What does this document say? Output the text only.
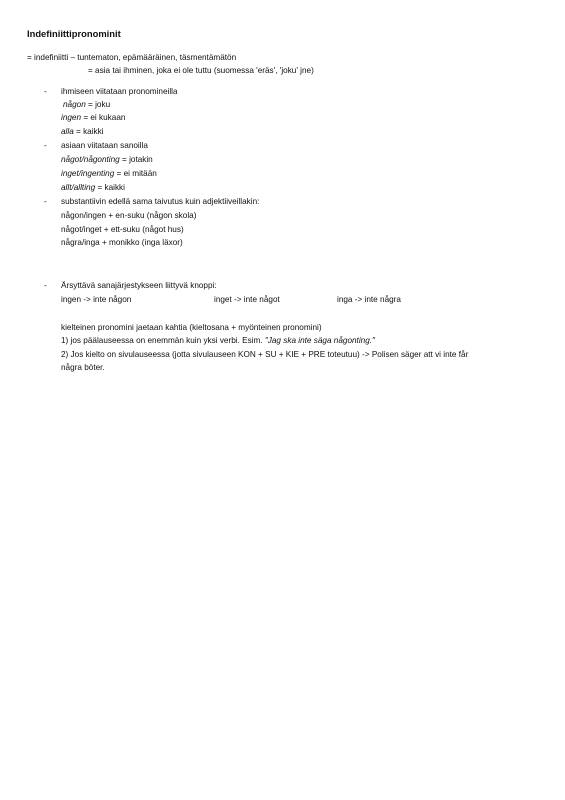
Indefiniittipronominit
= indefiniitti – tuntematon, epämääräinen, täsmentämätön
= asia tai ihminen, joka ei ole tuttu (suomessa 'eräs', 'joku' jne)
- ihmiseen viitataan pronomineilla
någon = joku
ingen = ei kukaan
alla = kaikki
- asiaan viitataan sanoilla
något/någonting = jotakin
inget/ingenting = ei mitään
allt/allting = kaikki
- substantiivin edellä sama taivutus kuin adjektiiveillakin:
någon/ingen + en-suku (någon skola)
något/inget + ett-suku (något hus)
några/inga + monikko (inga läxor)
- Ärsyttävä sanajärjestykseen liittyvä knoppi:
ingen -> inte någon	inget -> inte något	inga -> inte några
kielteinen pronomini jaetaan kahtia (kieltosana + myönteinen pronomini)
1) jos päälauseessa on enemmän kuin yksi verbi. Esim. "Jag ska inte säga någonting."
2) Jos kielto on sivulauseessa (jotta sivulauseen KON + SU + KIE + PRE toteutuu) -> Polisen säger att vi inte får
några böter.
